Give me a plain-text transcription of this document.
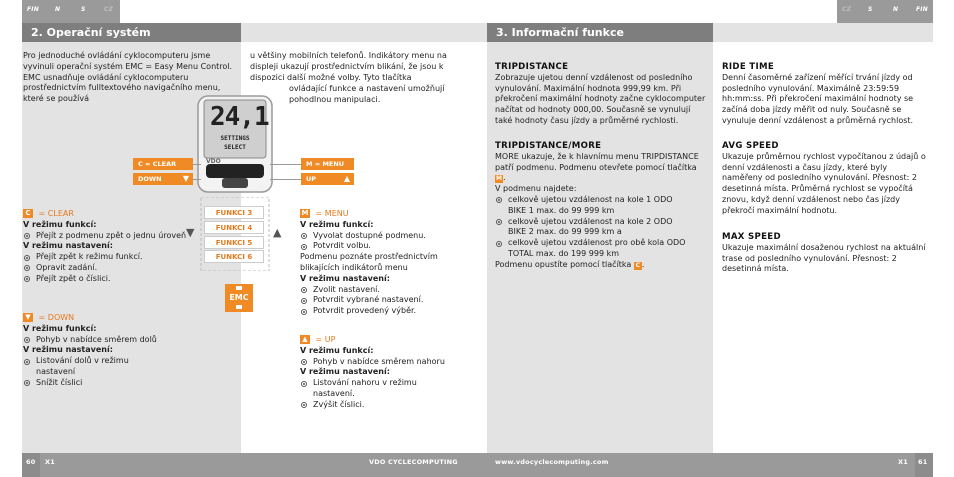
FIN	N	S	CZ	CZ	S	N	FIN
2. Operační systém	3. Informační funkce
Pro jednoduché ovládání cyklocomputeru jsme vyvinuli operační systém EMC = Easy Menu Control. EMC usnadňuje ovládání cyklocomputeru prostřednictvím fulltextového navigačního menu, které se používá
u většiny mobilních telefonů. Indikátory menu na displeji ukazují prostřednictvím blikání, že jsou k dispozici další možné volby. Tyto tlačítka
ovládající funkce a nastavení umožňují pohodlnou manipulaci.
24,1
SETTINGS
SELECT
VDO
C = CLEAR
DOWN	▼
M = MENU
UP	▲
FUNKCI 3
FUNKCI 4
FUNKCI 5
FUNKCI 6
▼	▲
EMC

C = CLEAR

V režimu funkcí:

Přejít z podmenu zpět o jednu úroveň

V režimu nastavení:

Přejít zpět k režimu funkcí.

Opravit zadání.

Přejít zpět o číslici.

▼ = DOWN

V režimu funkcí:

Pohyb v nabídce směrem dolů

V režimu nastavení:

Listování dolů v režimu nastavení

Snížit číslici

M = MENU

V režimu funkcí:

Vyvolat dostupné podmenu.

Potvrdit volbu.

Podmenu poznáte prostřednictvím blikajících indikátorů menu

V režimu nastavení:

Zvolit nastavení.

Potvrdit vybrané nastavení.

Potvrdit provedený výběr.

▲ = UP

V režimu funkcí:

Pohyb v nabídce směrem nahoru

V režimu nastavení:

Listování nahoru v režimu nastavení.

Zvýšit číslici.

TRIPDISTANCE

Zobrazuje ujetou denní vzdálenost od posledního vynulování. Maximální hodnota 999,99 km. Při překročení maximální hodnoty začne cyklocomputer načítat od hodnoty 000,00. Současně se vynulují také hodnoty času jízdy a průměrné rychlosti.

TRIPDISTANCE/MORE

MORE ukazuje, že k hlavnímu menu TRIPDISTANCE patří podmenu. Podmenu otevřete pomocí tlačítka M.

V podmenu najdete:

celkově ujetou vzdálenost na kole 1 ODO BIKE 1 max. do 99 999 km

celkově ujetou vzdálenost na kole 2 ODO BIKE 2 max. do 99 999 km a

celkově ujetou vzdálenost pro obě kola ODO TOTAL max. do 199 999 km

Podmenu opustíte pomocí tlačítka C .

RIDE TIME

Denní časoměrné zařízení měřící trvání jízdy od posledního vynulování. Maximálně 23:59:59 hh:mm:ss. Při překročení maximální hodnoty se začíná doba jízdy měřit od nuly. Současně se vynuluje denní vzdálenost a průměrná rychlost.

AVG SPEED

Ukazuje průměrnou rychlost vypočítanou z údajů o denní vzdálenosti a času jízdy, které byly naměřeny od posledního vynulování. Přesnost: 2 desetinná místa. Průměrná rychlost se vypočítá znovu, když denní vzdálenost nebo čas jízdy překročí maximální hodnotu.

MAX SPEED

Ukazuje maximální dosaženou rychlost na aktuální trase od posledního vynulování. Přesnost: 2 desetinná místa.

60 X1	VDO CYCLECOMPUTING	www.vdocyclecomputing.com	X1 61
